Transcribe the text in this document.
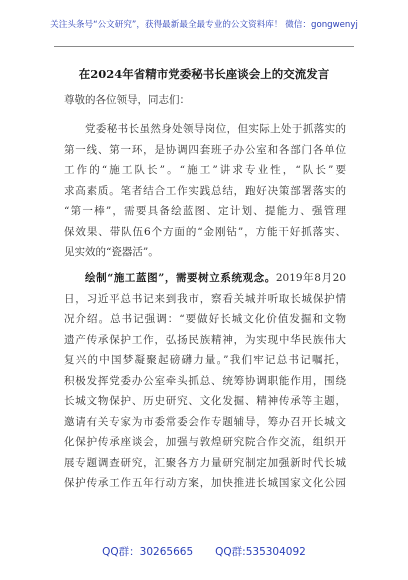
关注头条号“公文研究”，获得最新最全最专业的公文资料库！ 微信：gongwenyj
在2024年省精市党委秘书长座谈会上的交流发言
尊敬的各位领导，同志们：
党委秘书长虽然身处领导岗位，但实际上处于抓落实的
第一线、第一环，是协调四套班子办公室和各部门各单位
工作的“施工队长”。“施工”讲求专业性，“队长”要
求高素质。笔者结合工作实践总结，跑好决策部署落实的
“第一棒”，需要具备绘蓝图、定计划、提能力、强管理
保效果、带队伍6个方面的“金刚钻”，方能干好抓落实、
见实效的“瓷器活”。
绘制“施工蓝图”，需要树立系统观念。2019年8月20
日，习近平总书记来到我市，察看关城并听取长城保护情
况介绍。总书记强调：“要做好长城文化价值发掘和文物
遗产传承保护工作，弘扬民族精神，为实现中华民族伟大
复兴的中国梦凝聚起磅礴力量。”我们牢记总书记嘱托，
积极发挥党委办公室牵头抓总、统筹协调职能作用，围绕
长城文物保护、历史研究、文化发掘、精神传承等主题，
邀请有关专家为市委常委会作专题辅导，筹办召开长城文
化保护传承座谈会，加强与敦煌研究院合作交流，组织开
展专题调查研究，汇聚各方力量研究制定加强新时代长城
保护传承工作五年行动方案，加快推进长城国家文化公园
QQ群：30265665 QQ群:535304092
